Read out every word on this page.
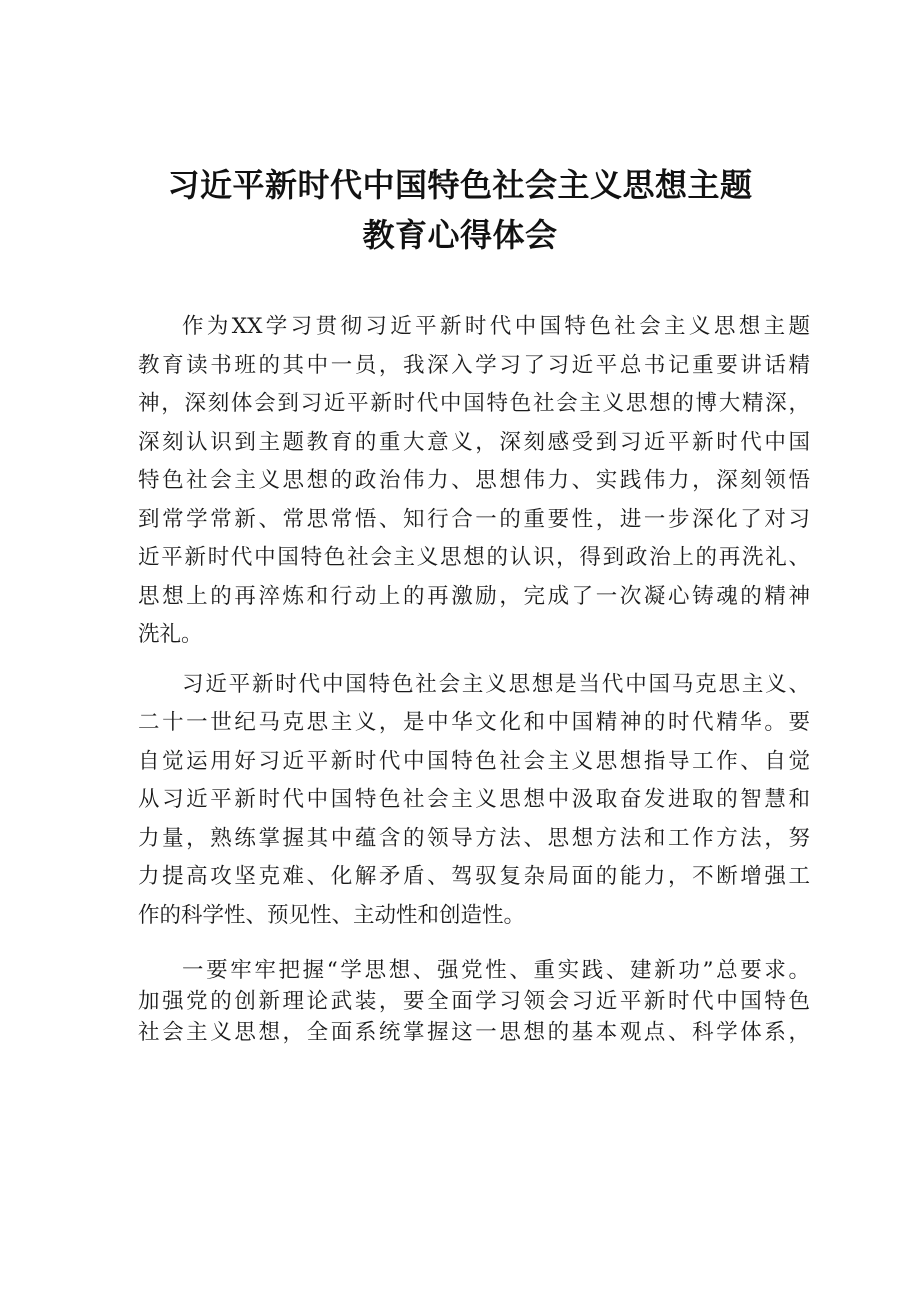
习近平新时代中国特色社会主义思想主题
教育心得体会
作为XX学习贯彻习近平新时代中国特色社会主义思想主题
教育读书班的其中一员，我深入学习了习近平总书记重要讲话精
神，深刻体会到习近平新时代中国特色社会主义思想的博大精深，
深刻认识到主题教育的重大意义，深刻感受到习近平新时代中国
特色社会主义思想的政治伟力、思想伟力、实践伟力，深刻领悟
到常学常新、常思常悟、知行合一的重要性，进一步深化了对习
近平新时代中国特色社会主义思想的认识，得到政治上的再洗礼、
思想上的再淬炼和行动上的再激励，完成了一次凝心铸魂的精神
洗礼。
习近平新时代中国特色社会主义思想是当代中国马克思主义、
二十一世纪马克思主义，是中华文化和中国精神的时代精华。要
自觉运用好习近平新时代中国特色社会主义思想指导工作、自觉
从习近平新时代中国特色社会主义思想中汲取奋发进取的智慧和
力量，熟练掌握其中蕴含的领导方法、思想方法和工作方法，努
力提高攻坚克难、化解矛盾、驾驭复杂局面的能力，不断增强工
作的科学性、预见性、主动性和创造性。
一要牢牢把握“学思想、强党性、重实践、建新功”总要求。
加强党的创新理论武装，要全面学习领会习近平新时代中国特色
社会主义思想，全面系统掌握这一思想的基本观点、科学体系，
